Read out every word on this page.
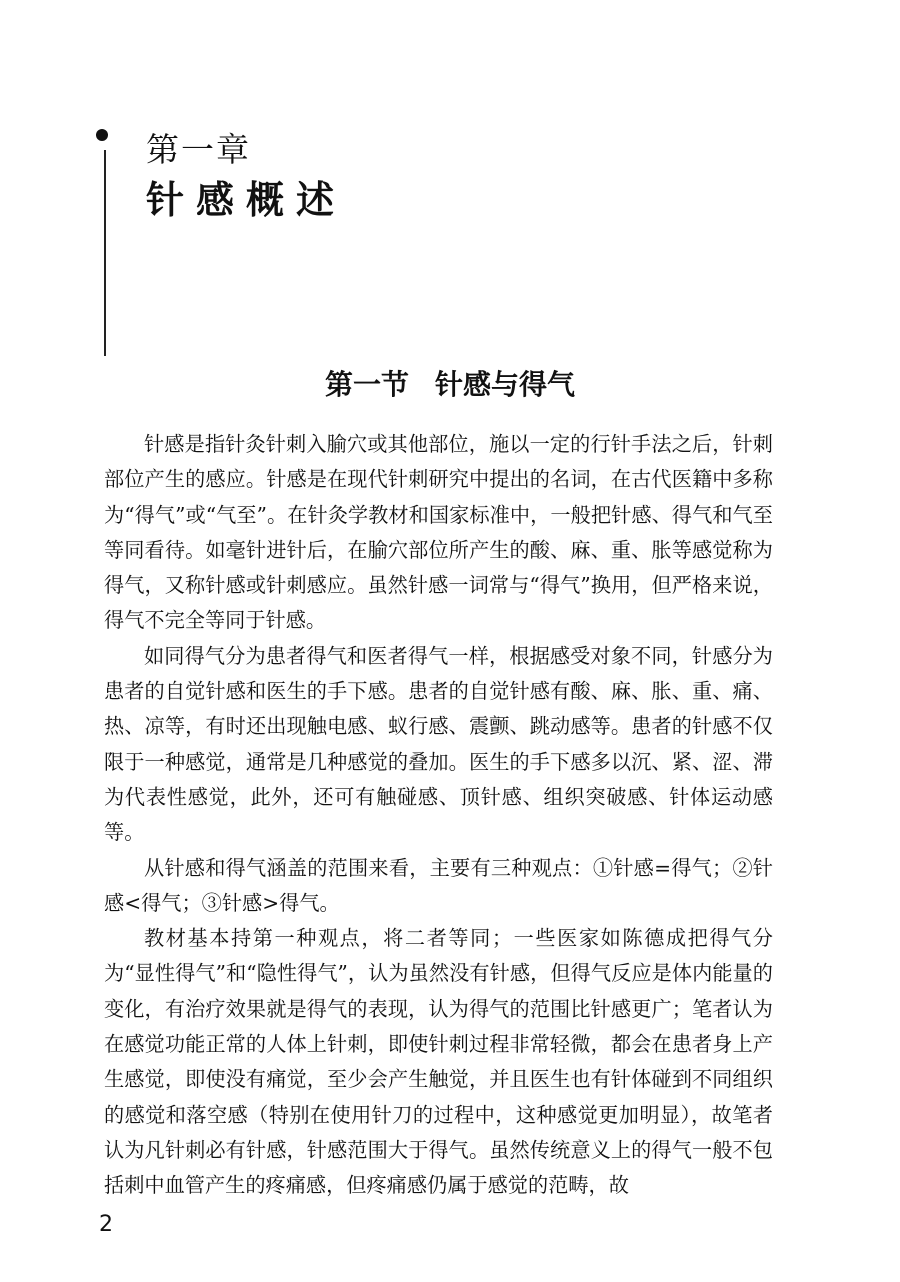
第一章
针感概述
第一节 针感与得气

针感是指针灸针刺入腧穴或其他部位，施以一定的行针手法之后，针刺部位产生的感应。针感是在现代针刺研究中提出的名词，在古代医籍中多称为“得气”或“气至”。在针灸学教材和国家标准中，一般把针感、得气和气至等同看待。如毫针进针后，在腧穴部位所产生的酸、麻、重、胀等感觉称为得气，又称针感或针刺感应。虽然针感一词常与“得气”换用，但严格来说，得气不完全等同于针感。

如同得气分为患者得气和医者得气一样，根据感受对象不同，针感分为患者的自觉针感和医生的手下感。患者的自觉针感有酸、麻、胀、重、痛、热、凉等，有时还出现触电感、蚁行感、震颤、跳动感等。患者的针感不仅限于一种感觉，通常是几种感觉的叠加。医生的手下感多以沉、紧、涩、滞为代表性感觉，此外，还可有触碰感、顶针感、组织突破感、针体运动感等。

从针感和得气涵盖的范围来看，主要有三种观点：①针感=得气；②针感<得气；③针感>得气。

教材基本持第一种观点，将二者等同；一些医家如陈德成把得气分为“显性得气”和“隐性得气”，认为虽然没有针感，但得气反应是体内能量的变化，有治疗效果就是得气的表现，认为得气的范围比针感更广；笔者认为在感觉功能正常的人体上针刺，即使针刺过程非常轻微，都会在患者身上产生感觉，即使没有痛觉，至少会产生触觉，并且医生也有针体碰到不同组织的感觉和落空感（特别在使用针刀的过程中，这种感觉更加明显），故笔者认为凡针刺必有针感，针感范围大于得气。虽然传统意义上的得气一般不包括刺中血管产生的疼痛感，但疼痛感仍属于感觉的范畴，故

2
